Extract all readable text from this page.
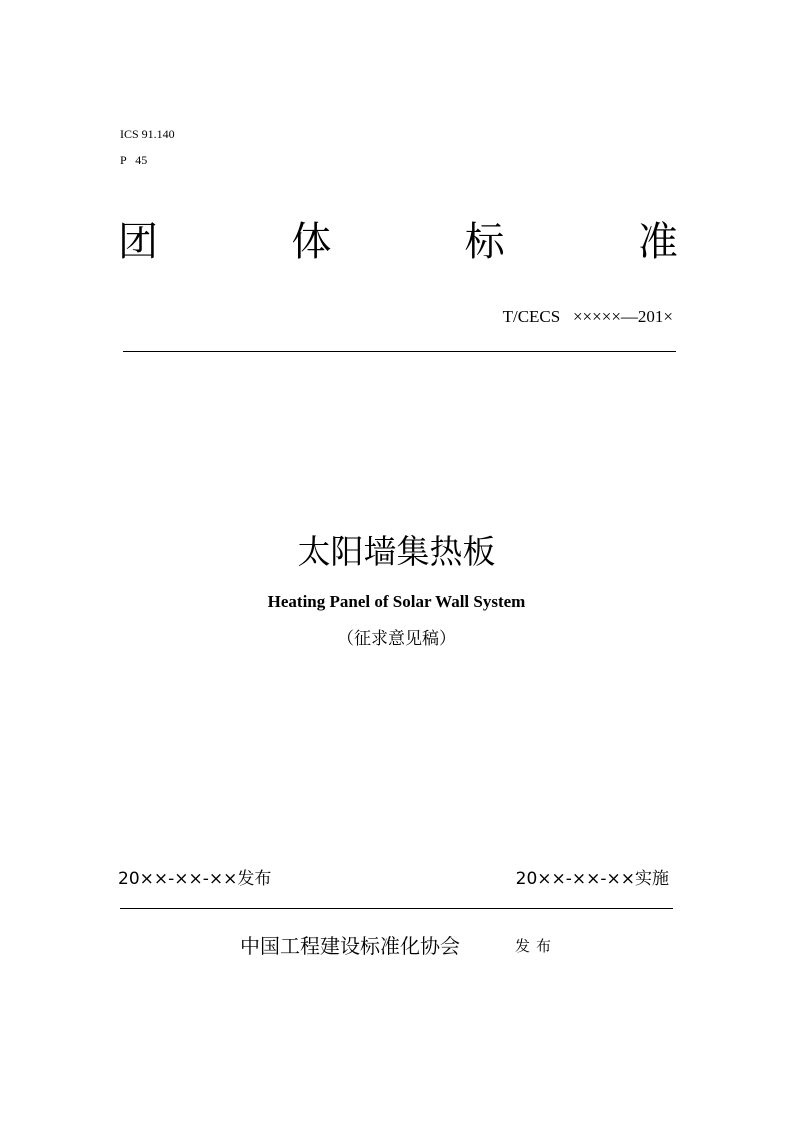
ICS 91.140
P   45
团	体	标	准
T/CECS   ×××××—201×
太阳墙集热板
Heating Panel of Solar Wall System
（征求意见稿）
20××-××-××发布	20××-××-××实施
中国工程建设标准化协会	发布
